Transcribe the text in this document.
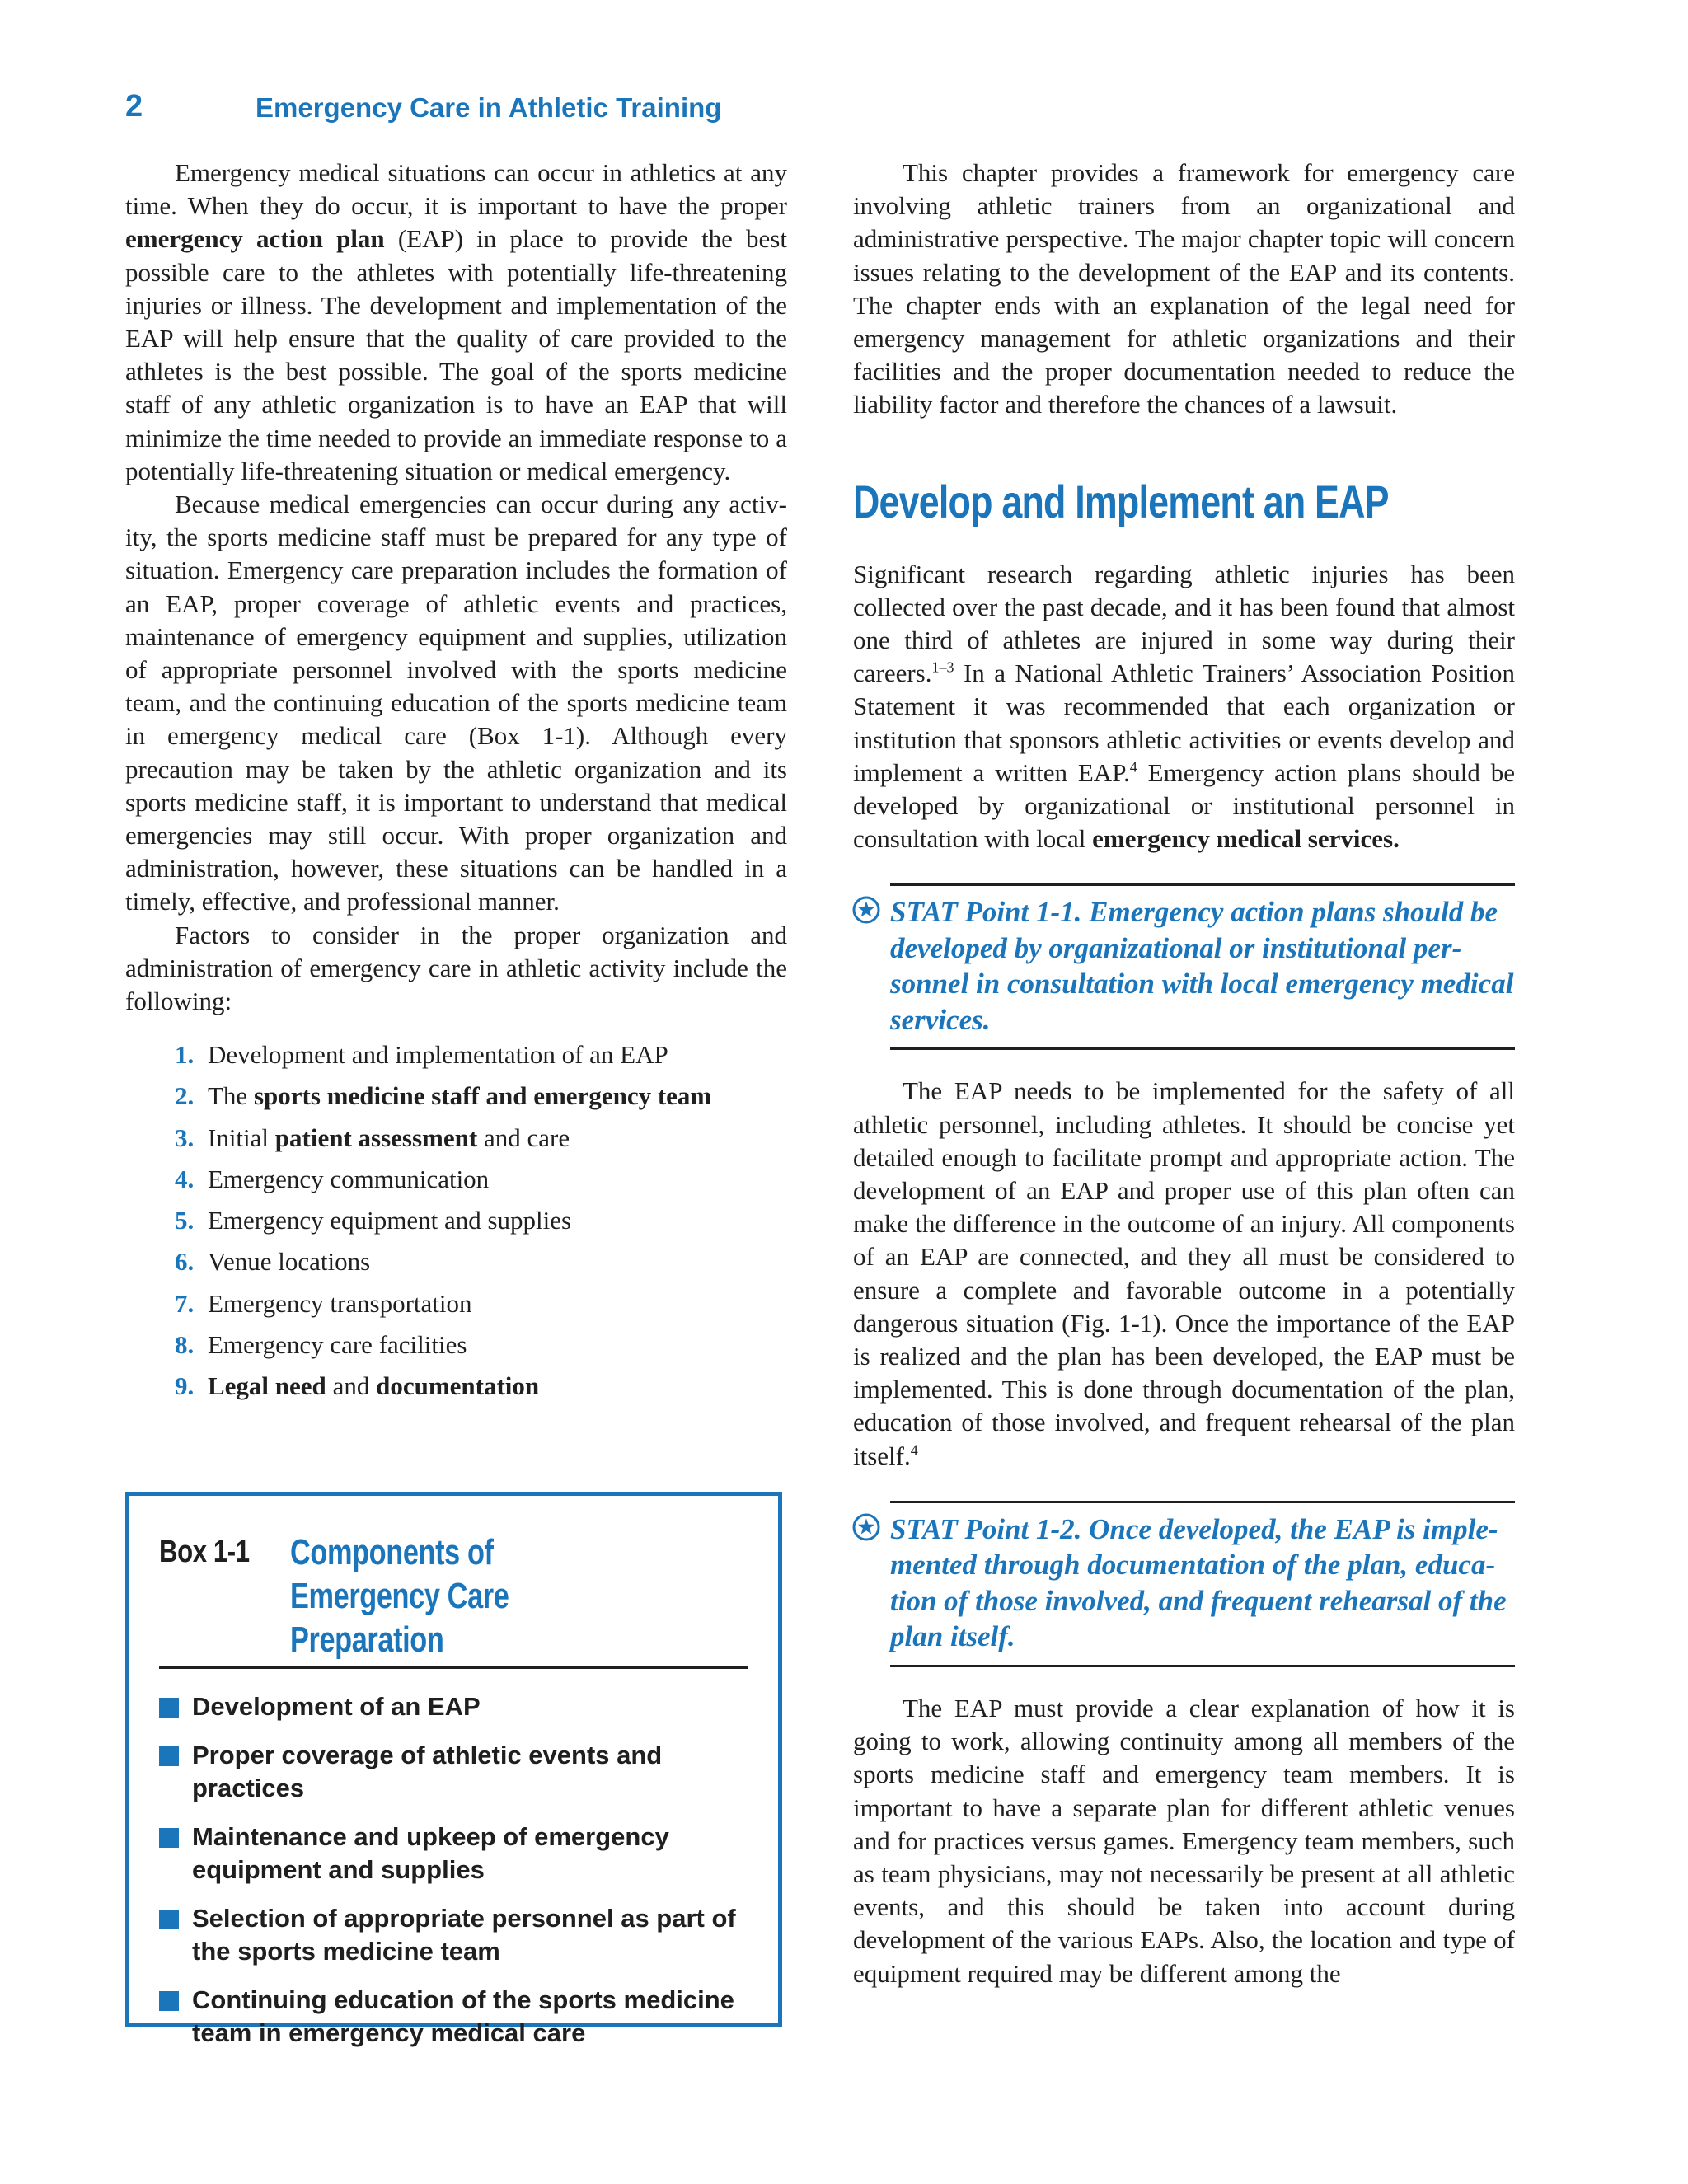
2	Emergency Care in Athletic Training

Emergency medical situations can occur in athletics at any time. When they do occur, it is important to have the proper emergency action plan (EAP) in place to provide the best possible care to the athletes with potentially life-threatening injuries or illness. The development and implementation of the EAP will help ensure that the quality of care provided to the athletes is the best possible. The goal of the sports medicine staff of any athletic organization is to have an EAP that will minimize the time needed to provide an immediate response to a potentially life-threatening situation or medical emergency.

Because medical emergencies can occur during any activity, the sports medicine staff must be prepared for any type of situation. Emergency care preparation includes the formation of an EAP, proper coverage of athletic events and practices, maintenance of emergency equipment and supplies, utilization of appropriate personnel involved with the sports medicine team, and the continuing education of the sports medicine team in emergency medical care (Box 1-1). Although every precaution may be taken by the athletic organization and its sports medicine staff, it is important to understand that medical emergencies may still occur. With proper organization and administration, however, these situations can be handled in a timely, effective, and professional manner.

Factors to consider in the proper organization and administration of emergency care in athletic activity include the following:

1. Development and implementation of an EAP
2. The sports medicine staff and emergency team
3. Initial patient assessment and care
4. Emergency communication
5. Emergency equipment and supplies
6. Venue locations
7. Emergency transportation
8. Emergency care facilities
9. Legal need and documentation
Box 1-1	Components of Emergency Care
Preparation
Development of an EAP
Proper coverage of athletic events and practices
Maintenance and upkeep of emergency equipment and supplies
Selection of appropriate personnel as part of the sports medicine team
Continuing education of the sports medicine team in emergency medical care

This chapter provides a framework for emergency care involving athletic trainers from an organizational and administrative perspective. The major chapter topic will concern issues relating to the development of the EAP and its contents. The chapter ends with an explanation of the legal need for emergency management for athletic organizations and their facilities and the proper documentation needed to reduce the liability factor and therefore the chances of a lawsuit.

Develop and Implement an EAP

Significant research regarding athletic injuries has been collected over the past decade, and it has been found that almost one third of athletes are injured in some way during their careers.$^{1-3}$ In a National Athletic Trainers’ Association Position Statement it was recommended that each organization or institution that sponsors athletic activities or events develop and implement a written EAP.$^4$ Emergency action plans should be developed by organizational or institutional personnel in consultation with local emergency medical services.

STAT Point 1-1. Emergency action plans should be developed by organizational or institutional personnel in consultation with local emergency medical services.

The EAP needs to be implemented for the safety of all athletic personnel, including athletes. It should be concise yet detailed enough to facilitate prompt and appropriate action. The development of an EAP and proper use of this plan often can make the difference in the outcome of an injury. All components of an EAP are connected, and they all must be considered to ensure a complete and favorable outcome in a potentially dangerous situation (Fig. 1-1). Once the importance of the EAP is realized and the plan has been developed, the EAP must be implemented. This is done through documentation of the plan, education of those involved, and frequent rehearsal of the plan itself.$^4$

STAT Point 1-2. Once developed, the EAP is implemented through documentation of the plan, education of those involved, and frequent rehearsal of the plan itself.

The EAP must provide a clear explanation of how it is going to work, allowing continuity among all members of the sports medicine staff and emergency team members. It is important to have a separate plan for different athletic venues and for practices versus games. Emergency team members, such as team physicians, may not necessarily be present at all athletic events, and this should be taken into account during development of the various EAPs. Also, the location and type of equipment required may be different among the
